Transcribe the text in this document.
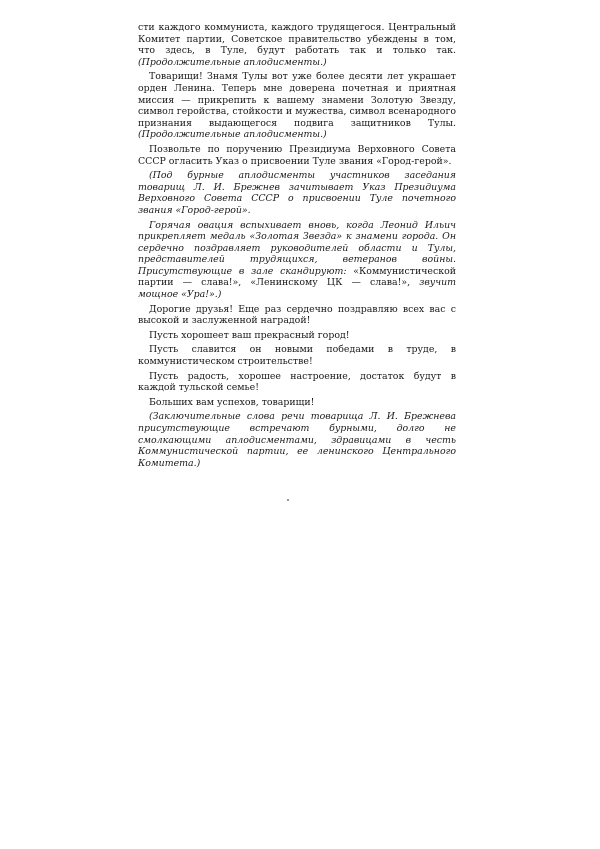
сти каждого коммуниста, каждого трудящегося. Центральный Комитет партии, Советское правительство убеждены в том, что здесь, в Туле, будут работать так и только так. (Продолжительные аплодисменты.)

Товарищи! Знамя Тулы вот уже более десяти лет украшает орден Ленина. Теперь мне доверена почетная и приятная миссия — прикрепить к вашему знамени Золотую Звезду, символ геройства, стойкости и мужества, символ всенародного признания выдающегося подвига защитников Тулы. (Продолжительные аплодисменты.)

Позвольте по поручению Президиума Верховного Совета СССР огласить Указ о присвоении Туле звания «Город-герой».

(Под бурные аплодисменты участников заседания товарищ Л. И. Брежнев зачитывает Указ Президиума Верховного Совета СССР о присвоении Туле почетного звания «Город-герой».

Горячая овация вспыхивает вновь, когда Леонид Ильич прикрепляет медаль «Золотая Звезда» к знамени города. Он сердечно поздравляет руководителей области и Тулы, представителей трудящихся, ветеранов войны. Присутствующие в зале скандируют: «Коммунистической партии — слава!», «Ленинскому ЦК — слава!», звучит мощное «Ура!».)

Дорогие друзья! Еще раз сердечно поздравляю всех вас с высокой и заслуженной наградой!

Пусть хорошеет ваш прекрасный город!

Пусть славится он новыми победами в труде, в коммунистическом строительстве!

Пусть радость, хорошее настроение, достаток будут в каждой тульской семье!

Больших вам успехов, товарищи!

(Заключительные слова речи товарища Л. И. Брежнева присутствующие встречают бурными, долго не смолкающими аплодисментами, здравицами в честь Коммунистической партии, ее ленинского Центрального Комитета.)
